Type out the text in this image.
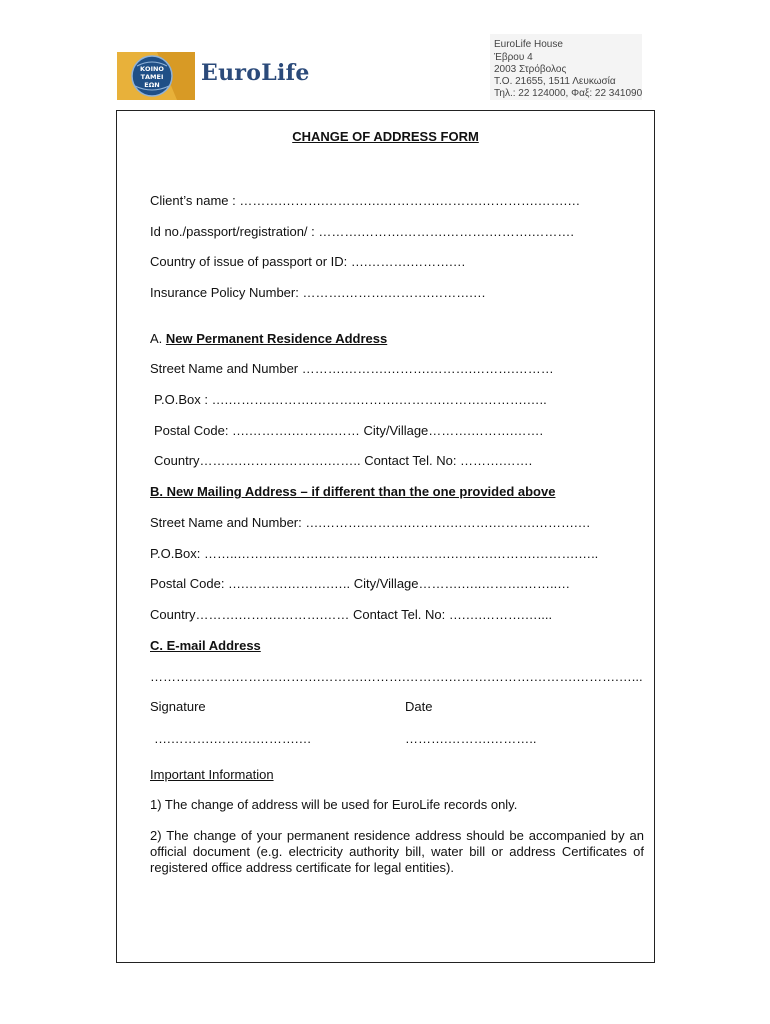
ΚΟΙΝΟ
ΤΑΜΕΙ
ΕΩΝ EuroLife
EuroLife House
Έβρου 4
2003 Στρόβολος
Τ.Ο. 21655, 1511 Λευκωσία
Τηλ.: 22 124000, Φαξ: 22 341090
CHANGE OF ADDRESS FORM
Client’s name : ……….……….……….….………….……….………….…….…
Id no./passport/registration/ : ……….……….……….……….……….……….
Country of issue of passport or ID: ….……….……….…
Insurance Policy Number: ……….……….……….……….…
A. New Permanent Residence Address
Street Name and Number ……….……….……….……….……….………
P.O.Box : ….……….……….……….……….……….……….……….…..
Postal Code: ….……….……….…… City/Village……….……….…….
Country……….……….……….…….. Contact Tel. No: ……….…….
B. New Mailing Address – if different than the one provided above
Street Name and Number: ….……….……….……….……….……….……….…
P.O.Box: ……..……….……….……….……….……….……….……….……….…..
Postal Code: ….……….……….….. City/Village……….…..……….……..…
Country……….……….……….…… Contact Tel. No: ….….……….…....
C. E-mail Address
……….……….……….……….……….……….……….……….……….……….……….…...
Signature	Date
….……….……….……….…	……….……….………..
Important Information
1) The change of address will be used for EuroLife records only.
2) The change of your permanent residence address should be accompanied by an official document (e.g. electricity authority bill, water bill or address Certificates of registered office address certificate for legal entities).
